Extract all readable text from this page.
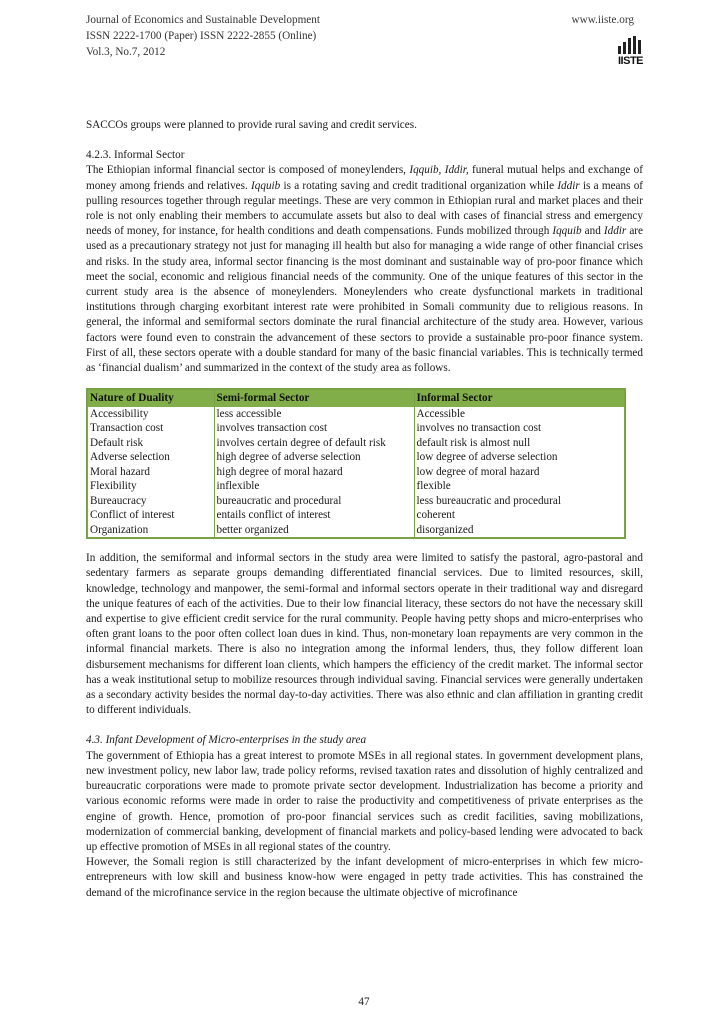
Journal of Economics and Sustainable Development
ISSN 2222-1700 (Paper) ISSN 2222-2855 (Online)
Vol.3, No.7, 2012
www.iiste.org
IISTE

SACCOs groups were planned to provide rural saving and credit services.

4.2.3. Informal Sector

The Ethiopian informal financial sector is composed of moneylenders, Iqquib, Iddir, funeral mutual helps and exchange of money among friends and relatives. Iqquib is a rotating saving and credit traditional organization while Iddir is a means of pulling resources together through regular meetings. These are very common in Ethiopian rural and market places and their role is not only enabling their members to accumulate assets but also to deal with cases of financial stress and emergency needs of money, for instance, for health conditions and death compensations. Funds mobilized through Iqquib and Iddir are used as a precautionary strategy not just for managing ill health but also for managing a wide range of other financial crises and risks. In the study area, informal sector financing is the most dominant and sustainable way of pro-poor finance which meet the social, economic and religious financial needs of the community. One of the unique features of this sector in the current study area is the absence of moneylenders. Moneylenders who create dysfunctional markets in traditional institutions through charging exorbitant interest rate were prohibited in Somali community due to religious reasons. In general, the informal and semiformal sectors dominate the rural financial architecture of the study area. However, various factors were found even to constrain the advancement of these sectors to provide a sustainable pro-poor finance system. First of all, these sectors operate with a double standard for many of the basic financial variables. This is technically termed as ‘financial dualism’ and summarized in the context of the study area as follows.

Nature of Duality	Semi-formal Sector	Informal Sector
Accessibility	less accessible	Accessible
Transaction cost	involves transaction cost	involves no transaction cost
Default risk	involves certain degree of default risk	default risk is almost null
Adverse selection	high degree of adverse selection	low degree of adverse selection
Moral hazard	high degree of moral hazard	low degree of moral hazard
Flexibility	inflexible	flexible
Bureaucracy	bureaucratic and procedural	less bureaucratic and procedural
Conflict of interest	entails conflict of interest	coherent
Organization	better organized	disorganized

In addition, the semiformal and informal sectors in the study area were limited to satisfy the pastoral, agro-pastoral and sedentary farmers as separate groups demanding differentiated financial services. Due to limited resources, skill, knowledge, technology and manpower, the semi-formal and informal sectors operate in their traditional way and disregard the unique features of each of the activities. Due to their low financial literacy, these sectors do not have the necessary skill and expertise to give efficient credit service for the rural community. People having petty shops and micro-enterprises who often grant loans to the poor often collect loan dues in kind. Thus, non-monetary loan repayments are very common in the informal financial markets. There is also no integration among the informal lenders, thus, they follow different loan disbursement mechanisms for different loan clients, which hampers the efficiency of the credit market. The informal sector has a weak institutional setup to mobilize resources through individual saving. Financial services were generally undertaken as a secondary activity besides the normal day-to-day activities. There was also ethnic and clan affiliation in granting credit to different individuals.

4.3. Infant Development of Micro-enterprises in the study area

The government of Ethiopia has a great interest to promote MSEs in all regional states. In government development plans, new investment policy, new labor law, trade policy reforms, revised taxation rates and dissolution of highly centralized and bureaucratic corporations were made to promote private sector development. Industrialization has become a priority and various economic reforms were made in order to raise the productivity and competitiveness of private enterprises as the engine of growth. Hence, promotion of pro-poor financial services such as credit facilities, saving mobilizations, modernization of commercial banking, development of financial markets and policy-based lending were advocated to back up effective promotion of MSEs in all regional states of the country.

However, the Somali region is still characterized by the infant development of micro-enterprises in which few micro-entrepreneurs with low skill and business know-how were engaged in petty trade activities. This has constrained the demand of the microfinance service in the region because the ultimate objective of microfinance

47
